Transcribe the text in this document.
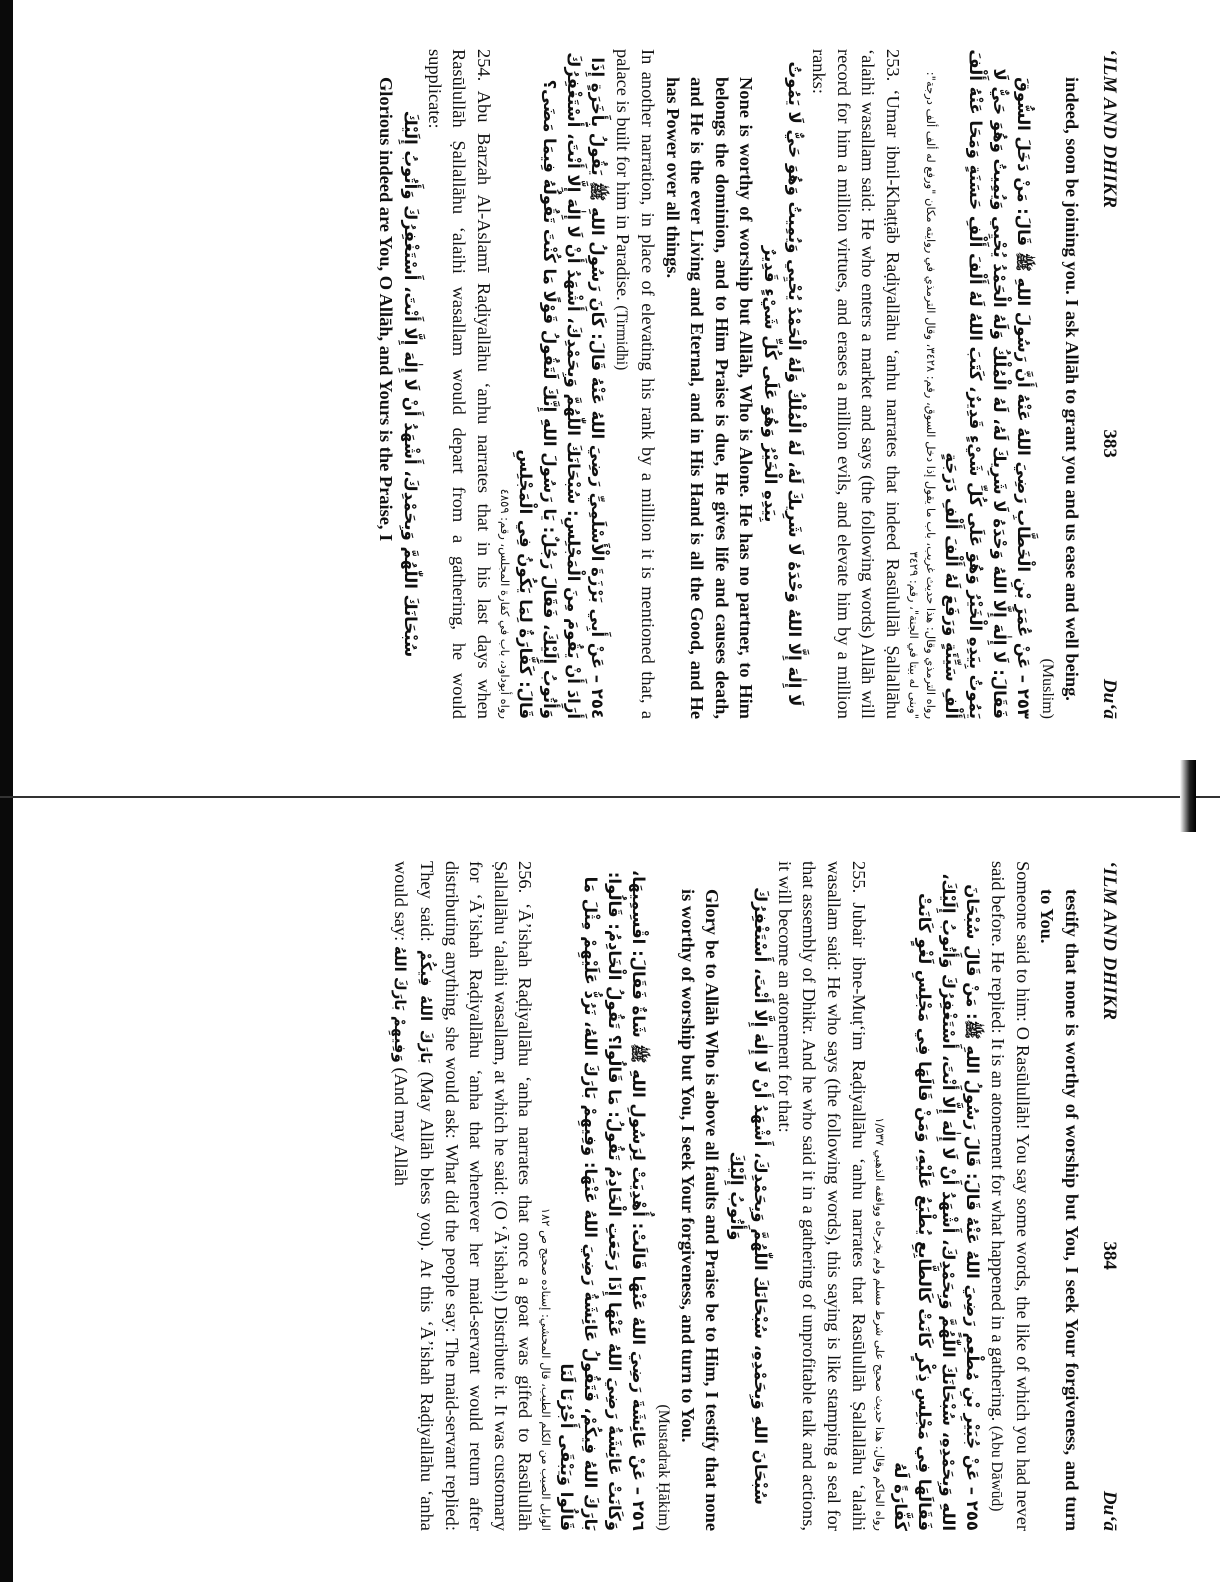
‘ILM AND DHIKR
383
Du‘ā

indeed, soon be joining you. I ask Allāh to grant you and us ease and well being.

(Muslim)

٢٥٣ – عَنْ عُمَرَ بْنِ الْخَطَّابِ رَضِيَ اللهُ عَنْهُ أَنَّ رَسُولَ اللهِ ﷺ قَالَ: مَنْ دَخَلَ السُّوقَ فَقَالَ: لَا إِلٰهَ إِلَّا اللهُ وَحْدَهُ لَا شَرِيكَ لَهُ، لَهُ الْمُلْكُ وَلَهُ الْحَمْدُ يُحْيِي وَيُمِيتُ وَهُوَ حَيٌّ لَا يَمُوتُ بِيَدِهِ الْخَيْرُ وَهُوَ عَلَى كُلِّ شَيْءٍ قَدِيرٌ، كَتَبَ اللهُ لَهُ أَلْفَ أَلْفِ حَسَنَةٍ وَمَحَا عَنْهُ أَلْفَ أَلْفِ سَيِّئَةٍ وَرَفَعَ لَهُ أَلْفَ أَلْفِ دَرَجَةٍ

رواه الترمذي وقال: هذا حديث غريب، باب ما يقول إذا دخل السوق، رقم: ٣٤٢٨، وقال الترمذي في روايته مكان "ورفع له ألف ألف درجة": "وبنى له بيتا في الجنة"، رقم: ٣٤٢٩

253. ‘Umar ibnil-Khaṭṭāb Raḍiyallāhu ‘anhu narrates that indeed Rasūlullāh Ṣallallāhu ‘alaihi wasallam said: He who enters a market and says (the following words) Allāh will record for him a million virtues, and erases a million evils, and elevate him by a million ranks:

لَا إِلٰهَ إِلَّا اللهُ وَحْدَهُ لَا شَرِيكَ لَهُ، لَهُ الْمُلْكُ وَلَهُ الْحَمْدُ يُحْيِي وَيُمِيتُ وَهُوَ حَيٌّ لَا يَمُوتُ بِيَدِهِ الْخَيْرُ وَهُوَ عَلَى كُلِّ شَيْءٍ قَدِيرٌ

None is worthy of worship but Allāh, Who is Alone. He has no partner, to Him belongs the dominion, and to Him Praise is due, He gives life and causes death, and He is the ever Living and Eternal, and in His Hand is all the Good, and He has Power over all things.

In another narration, in place of elevating his rank by a million it is mentioned that, a palace is built for him in Paradise. (Tirmidhi)

٢٥٤ – عَنْ أَبِي بَرْزَةَ الْأَسْلَمِيِّ رَضِيَ اللهُ عَنْهُ قَالَ: كَانَ رَسُولُ اللهِ ﷺ يَقُولُ بِأَخَرَةٍ إِذَا أَرَادَ أَنْ يَقُومَ مِنَ الْمَجْلِسِ: سُبْحَانَكَ اللّٰهُمَّ وَبِحَمْدِكَ، أَشْهَدُ أَنْ لَا إِلٰهَ إِلَّا أَنْتَ، أَسْتَغْفِرُكَ وَأَتُوبُ إِلَيْكَ، فَقَالَ رَجُلٌ: يَا رَسُولَ اللهِ إِنَّكَ لَتَقُولُ قَوْلًا مَا كُنْتَ تَقُولُهُ فِيمَا مَضَى؟ قَالَ: كَفَّارَةٌ لِمَا يَكُونُ فِي الْمَجْلِسِ

رواه أبوداود، باب في كفارة المجلس، رقم: ٤٨٥٩

254. Abu Barzah Al-Aslamī Raḍiyallāhu ‘anhu narrates that in his last days when Rasūlullāh Ṣallallāhu ‘alaihi wasallam would depart from a gathering, he would supplicate:

سُبْحَانَكَ اللّٰهُمَّ وَبِحَمْدِكَ، أَشْهَدُ أَنْ لَا إِلٰهَ إِلَّا أَنْتَ، أَسْتَغْفِرُكَ وَأَتُوبُ إِلَيْكَ

Glorious indeed are You, O Allāh, and Yours is the Praise, I

‘ILM AND DHIKR
384
Du‘ā

testify that none is worthy of worship but You, I seek Your forgiveness, and turn to You.

Someone said to him: O Rasūlullāh! You say some words, the like of which you had never said before. He replied: It is an atonement for what happened in a gathering. (Abu Dāwūd)

٢٥٥ – عَنْ جُبَيْرِ بْنِ مُطْعِمٍ رَضِيَ اللهُ عَنْهُ قَالَ: قَالَ رَسُولُ اللهِ ﷺ: مَنْ قَالَ سُبْحَانَ اللهِ وَبِحَمْدِهِ، سُبْحَانَكَ اللّٰهُمَّ وَبِحَمْدِكَ، أَشْهَدُ أَنْ لَا إِلٰهَ إِلَّا أَنْتَ، أَسْتَغْفِرُكَ وَأَتُوبُ إِلَيْكَ، فَقَالَهَا فِي مَجْلِسِ ذِكْرٍ كَانَتْ كَالطَّابِعِ يُطْبَعُ عَلَيْهِ، وَمَنْ قَالَهَا فِي مَجْلِسِ لَغْوٍ كَانَتْ كَفَّارَةً لَهُ

رواه الحاكم وقال: هذا حديث صحيح على شرط مسلم ولم يخرجاه ووافقه الذهبي ١/٥٣٧

255. Jubair ibne-Muṭ‘im Raḍiyallāhu ‘anhu narrates that Rasūlullāh Ṣallallāhu ‘alaihi wasallam said: He who says (the following words), this saying is like stamping a seal for that assembly of Dhikr. And he who said it in a gathering of unprofitable talk and actions, it will become an atonement for that:

سُبْحَانَ اللهِ وَبِحَمْدِهِ، سُبْحَانَكَ اللّٰهُمَّ وَبِحَمْدِكَ، أَشْهَدُ أَنْ لَا إِلٰهَ إِلَّا أَنْتَ، أَسْتَغْفِرُكَ وَأَتُوبُ إِلَيْكَ

Glory be to Allāh Who is above all faults and Praise be to Him, I testify that none is worthy of worship but You, I seek Your forgiveness, and turn to You.

(Mustadrak Ḥākim)

٢٥٦ – عَنْ عَائِشَةَ رَضِيَ اللهُ عَنْهَا قَالَتْ: أُهْدِيَتْ لِرَسُولِ اللهِ ﷺ شَاةٌ فَقَالَ: اقْسِمِيهَا، وَكَانَتْ عَائِشَةُ رَضِيَ اللهُ عَنْهَا إِذَا رَجَعَتِ الْخَادِمُ تَقُولُ: مَا قَالُوا؟ تَقُولُ الْخَادِمُ: قَالُوا: بَارَكَ اللهُ فِيكُمْ، فَتَقُولُ عَائِشَةُ رَضِيَ اللهُ عَنْهَا: وَفِيهِمْ بَارَكَ اللهُ، نَرُدُّ عَلَيْهِمْ مِثْلَ مَا قَالُوا وَيَبْقَى أَجْرُنَا لَنَا

الوابل الصيب من الكلم الطيب، قال المحشي: إسناده صحيح ص ١٨٢

256. ‘Ā’ishah Raḍiyallāhu ‘anha narrates that once a goat was gifted to Rasūlullāh Ṣallallāhu ‘alaihi wasallam, at which he said: (O ‘Ā’ishah!) Distribute it. It was customary for ‘Ā’ishah Raḍiyallāhu ‘anha that whenever her maid-servant would return after distributing anything, she would ask: What did the people say: The maid-servant replied: They said: بَارَكَ اللهُ فِيكُمْ (May Allāh bless you). At this ‘Ā’ishah Raḍiyallāhu ‘anha would say: وَفِيهِمْ بَارَكَ اللهُ (And may Allāh
